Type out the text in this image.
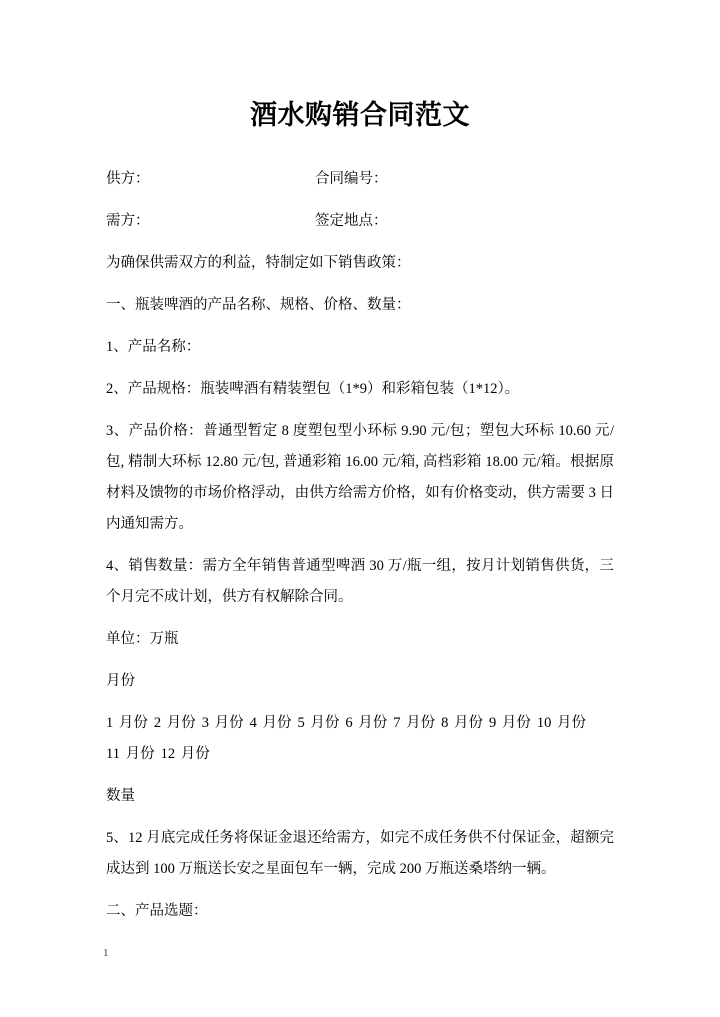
酒水购销合同范文
供方：	合同编号：
需方：	签定地点：

为确保供需双方的利益，特制定如下销售政策：

一、瓶装啤酒的产品名称、规格、价格、数量：

1、产品名称：

2、产品规格：瓶装啤酒有精装塑包（1*9）和彩箱包装（1*12）。

3、产品价格：普通型暂定 8 度塑包型小环标 9.90 元/包；塑包大环标 10.60 元/包, 精制大环标 12.80 元/包, 普通彩箱 16.00 元/箱, 高档彩箱 18.00 元/箱。根据原材料及馈物的市场价格浮动，由供方给需方价格，如有价格变动，供方需要 3 日内通知需方。

4、销售数量：需方全年销售普通型啤酒 30 万/瓶一组，按月计划销售供货，三个月完不成计划，供方有权解除合同。

单位：万瓶

月份

1 月份 2 月份 3 月份 4 月份 5 月份 6 月份 7 月份 8 月份 9 月份 10 月份11 月份 12 月份

数量

5、12 月底完成任务将保证金退还给需方，如完不成任务供不付保证金，超额完成达到 100 万瓶送长安之星面包车一辆，完成 200 万瓶送桑塔纳一辆。

二、产品选题：

1
